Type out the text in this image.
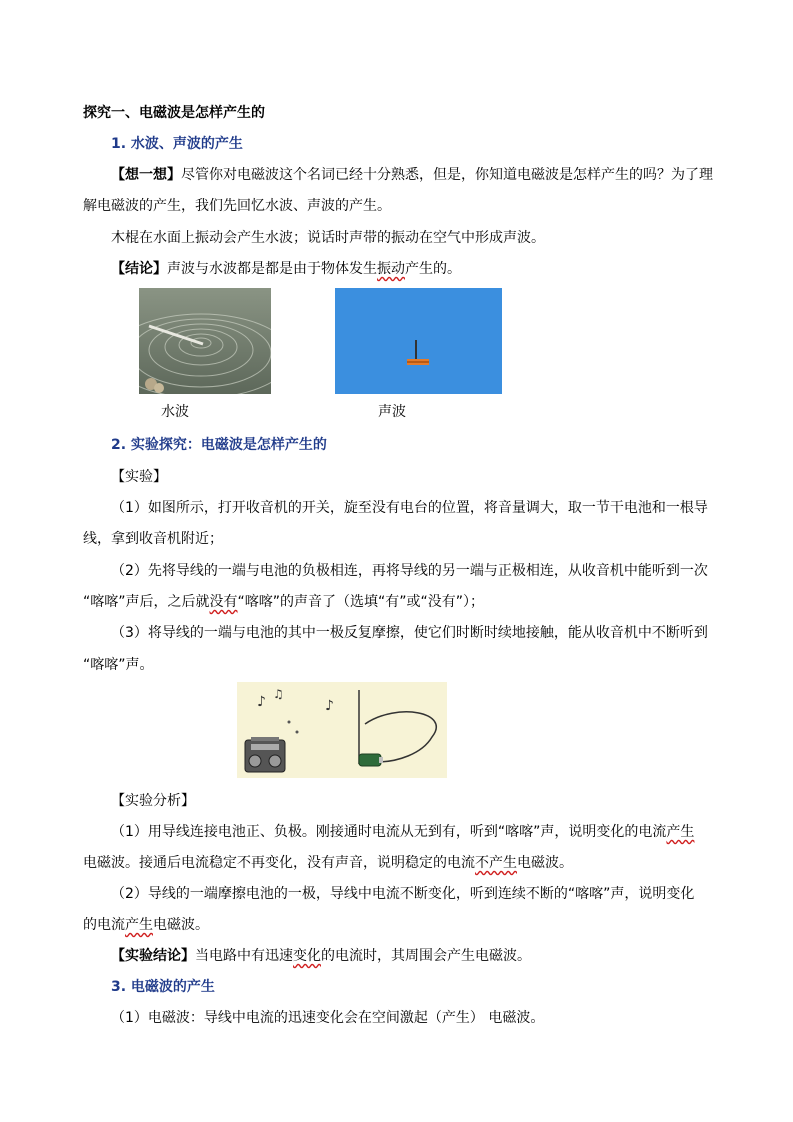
探究一、电磁波是怎样产生的
1. 水波、声波的产生
【想一想】尽管你对电磁波这个名词已经十分熟悉，但是，你知道电磁波是怎样产生的吗？为了理
解电磁波的产生，我们先回忆水波、声波的产生。
木棍在水面上振动会产生水波；说话时声带的振动在空气中形成声波。
【结论】声波与水波都是都是由于物体发生振动产生的。
水波	声波
2. 实验探究：电磁波是怎样产生的
【实验】
（1）如图所示，打开收音机的开关，旋至没有电台的位置，将音量调大，取一节干电池和一根导
线，拿到收音机附近；
（2）先将导线的一端与电池的负极相连，再将导线的另一端与正极相连，从收音机中能听到一次
“喀喀”声后，之后就没有“喀喀”的声音了（选填“有”或“没有”）；
（3）将导线的一端与电池的其中一极反复摩擦，使它们时断时续地接触，能从收音机中不断听到
“喀喀”声。
♪ ♫
♪
【实验分析】
（1）用导线连接电池正、负极。刚接通时电流从无到有，听到“喀喀”声，说明变化的电流产生
电磁波。接通后电流稳定不再变化，没有声音，说明稳定的电流不产生电磁波。
（2）导线的一端摩擦电池的一极，导线中电流不断变化，听到连续不断的“喀喀”声，说明变化
的电流产生电磁波。
【实验结论】当电路中有迅速变化的电流时，其周围会产生电磁波。
3. 电磁波的产生
（1）电磁波：导线中电流的迅速变化会在空间激起（产生） 电磁波。
